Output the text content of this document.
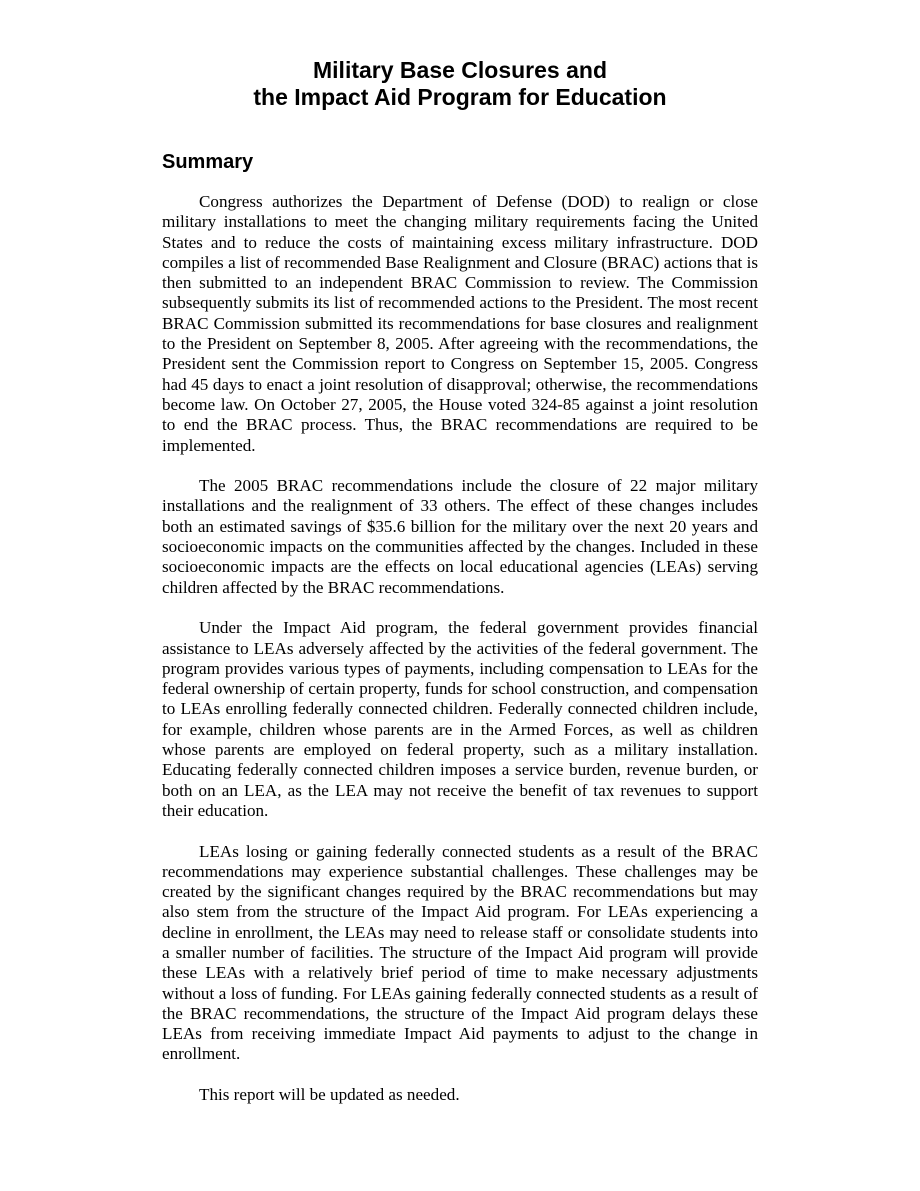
Military Base Closures and
the Impact Aid Program for Education
Summary

Congress authorizes the Department of Defense (DOD) to realign or close military installations to meet the changing military requirements facing the United States and to reduce the costs of maintaining excess military infrastructure. DOD compiles a list of recommended Base Realignment and Closure (BRAC) actions that is then submitted to an independent BRAC Commission to review. The Commission subsequently submits its list of recommended actions to the President. The most recent BRAC Commission submitted its recommendations for base closures and realignment to the President on September 8, 2005. After agreeing with the recommendations, the President sent the Commission report to Congress on September 15, 2005. Congress had 45 days to enact a joint resolution of disapproval; otherwise, the recommendations become law. On October 27, 2005, the House voted 324-85 against a joint resolution to end the BRAC process. Thus, the BRAC recommendations are required to be implemented.

The 2005 BRAC recommendations include the closure of 22 major military installations and the realignment of 33 others. The effect of these changes includes both an estimated savings of $35.6 billion for the military over the next 20 years and socioeconomic impacts on the communities affected by the changes. Included in these socioeconomic impacts are the effects on local educational agencies (LEAs) serving children affected by the BRAC recommendations.

Under the Impact Aid program, the federal government provides financial assistance to LEAs adversely affected by the activities of the federal government. The program provides various types of payments, including compensation to LEAs for the federal ownership of certain property, funds for school construction, and compensation to LEAs enrolling federally connected children. Federally connected children include, for example, children whose parents are in the Armed Forces, as well as children whose parents are employed on federal property, such as a military installation. Educating federally connected children imposes a service burden, revenue burden, or both on an LEA, as the LEA may not receive the benefit of tax revenues to support their education.

LEAs losing or gaining federally connected students as a result of the BRAC recommendations may experience substantial challenges. These challenges may be created by the significant changes required by the BRAC recommendations but may also stem from the structure of the Impact Aid program. For LEAs experiencing a decline in enrollment, the LEAs may need to release staff or consolidate students into a smaller number of facilities. The structure of the Impact Aid program will provide these LEAs with a relatively brief period of time to make necessary adjustments without a loss of funding. For LEAs gaining federally connected students as a result of the BRAC recommendations, the structure of the Impact Aid program delays these LEAs from receiving immediate Impact Aid payments to adjust to the change in enrollment.

This report will be updated as needed.
